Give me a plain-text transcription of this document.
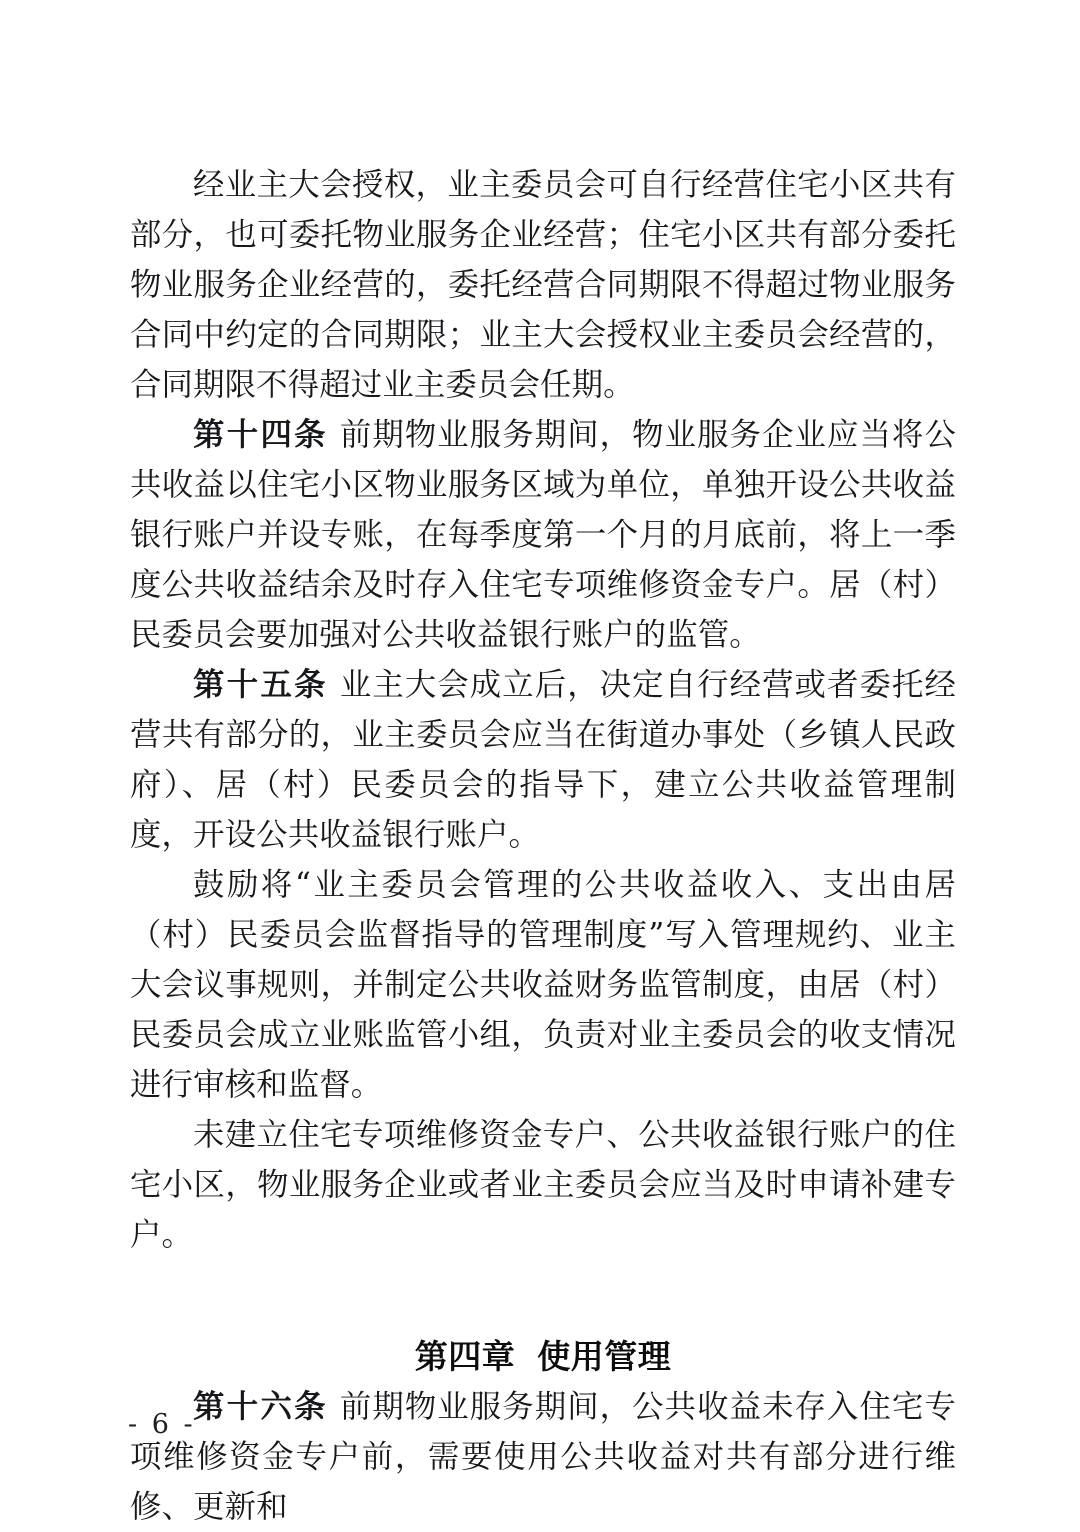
经业主大会授权，业主委员会可自行经营住宅小区共有部分，也可委托物业服务企业经营；住宅小区共有部分委托物业服务企业经营的，委托经营合同期限不得超过物业服务合同中约定的合同期限；业主大会授权业主委员会经营的，合同期限不得超过业主委员会任期。

第十四条 前期物业服务期间，物业服务企业应当将公共收益以住宅小区物业服务区域为单位，单独开设公共收益银行账户并设专账，在每季度第一个月的月底前，将上一季度公共收益结余及时存入住宅专项维修资金专户。居（村）民委员会要加强对公共收益银行账户的监管。

第十五条 业主大会成立后，决定自行经营或者委托经营共有部分的，业主委员会应当在街道办事处（乡镇人民政府）、居（村）民委员会的指导下，建立公共收益管理制度，开设公共收益银行账户。

鼓励将“业主委员会管理的公共收益收入、支出由居（村）民委员会监督指导的管理制度”写入管理规约、业主大会议事规则，并制定公共收益财务监管制度，由居（村）民委员会成立业账监管小组，负责对业主委员会的收支情况进行审核和监督。

未建立住宅专项维修资金专户、公共收益银行账户的住宅小区，物业服务企业或者业主委员会应当及时申请补建专户。

第四章 使用管理

第十六条 前期物业服务期间，公共收益未存入住宅专项维修资金专户前，需要使用公共收益对共有部分进行维修、更新和

- 6 -
